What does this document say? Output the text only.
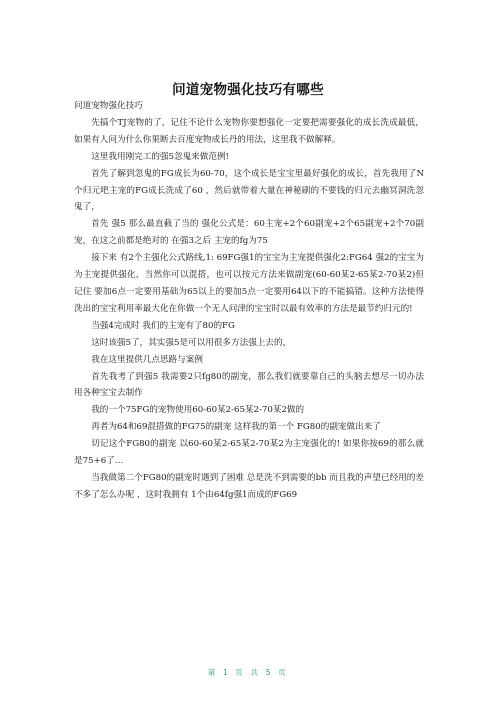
问道宠物强化技巧有哪些

问道宠物强化技巧

先搞个TJ宠物的了，记住不论什么宠物你要想强化一定要把需要强化的成长洗成最低，如果有人问为什么你果断去百度宠物成长丹的用法，这里我不做解释。

这里我用刚完工的强5忽鬼来做范例!

首先了解到忽鬼的FG成长为60-70，这个成长是宝宝里最好强化的成长，首先我用了N个归元吧主宠的FG成长洗成了60 ，然后就带着大量在神秘刷的不要钱的归元去幽冥洞洗忽鬼了，

首先 强5 那么最直截了当的 强化公式是：60主宠+2个60副宠+2个65副宠+2个70副宠，在这之前都是绝对的 在强3之后 主宠的fg为75

接下来 有2个主强化公式路线,1: 69FG强1的宝宝为主宠提供强化2:FG64 强2的宝宝为为主宠提供强化，当然你可以混搭，也可以按元方法来做副宠(60-60某2-65某2-70某2)但记住 要加6点一定要用基础为65以上的要加5点一定要用64以下的不能搞错。这种方法使得洗出的宝宝利用率最大化在你做一个无人问津的宝宝时以最有效率的方法是最节约归元的!

当强4完成时 我们的主宠有了80的FG

这时该强5了，其实强5是可以用很多方法强上去的，

我在这里提供几点思路与案例

首先我考了到强5 我需要2只fg80的副宠，那么我们就要靠自己的头脑去想尽一切办法用各种宝宝去制作

我的一个75FG的宠物使用60-60某2-65某2-70某2做的

再者为64和69混搭做的FG75的副宠 这样我的第一个 FG80的副宠做出来了

切记这个FG80的副宠 以60-60某2-65某2-70某2为主宠强化的! 如果你按69的那么就是75+6了…

当我做第二个FG80的副宠时遇到了困难 总是洗不到需要的bb 而且我的声望已经用的差不多了怎么办呢 ，这时我拥有 1个由64fg强1而成的FG69

第 1 页 共 5 页
